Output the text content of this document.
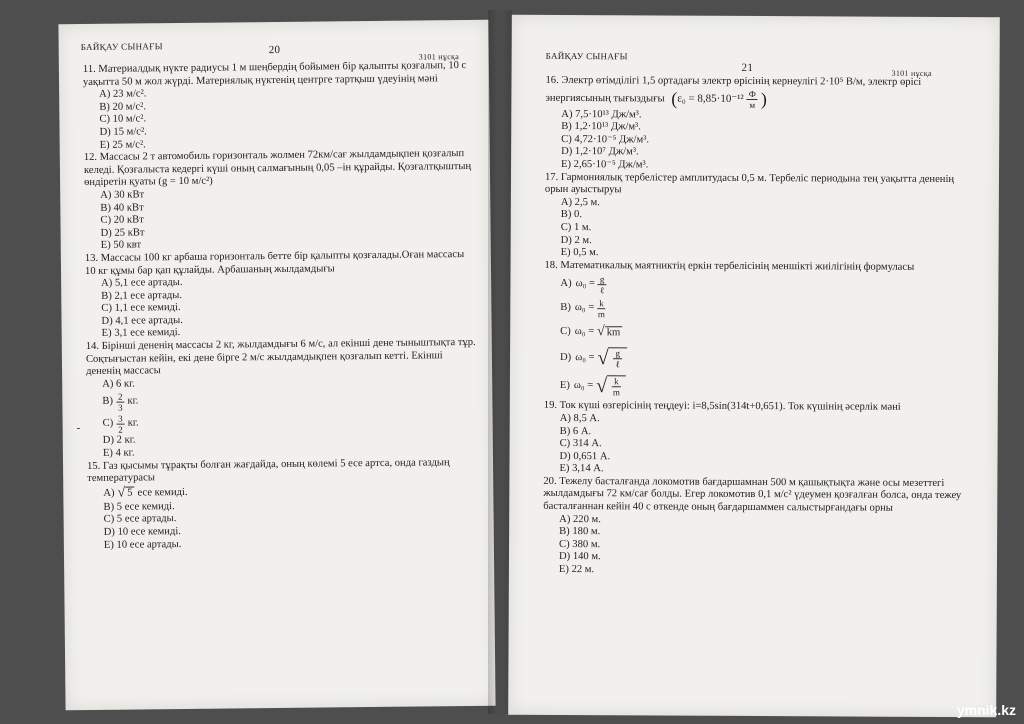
БАЙҚАУ СЫНАҒЫ	20
3101 нұсқа
-
11. Материалдық нүкте радиусы 1 м шеңбердің бойымен бір қалыпты қозғалып, 10 с уақытта 50 м жол жүрді. Материялық нүктенің центрге тартқыш үдеуінің мәні
А) 23 м/с².
В) 20 м/с².
С) 10 м/с².
D) 15 м/с².
Е) 25 м/с².
12. Массасы 2 т автомобиль горизонталь жолмен 72км/сағ жылдамдықпен қозғалып келеді. Қозғалыста кедергі күші оның салмағының 0,05 –ін құрайды. Қозғалтқыштың өндіретін қуаты (g = 10 м/с²)
А) 30 кВт
В) 40 кВт
С) 20 кВт
D) 25 кВт
Е) 50 квт
13. Массасы 100 кг арбаша горизонталь бетте бір қалыпты қозғалады.Оған массасы 10 кг құмы бар қап құлайды. Арбашаның жылдамдығы
А) 5,1 есе артады.
В) 2,1 есе артады.
С) 1,1 есе кемиді.
D) 4,1 есе артады.
Е) 3,1 есе кемиді.
14. Бірінші дененің массасы 2 кг, жылдамдығы 6 м/с, ал екінші дене тыныштықта тұр. Соқтығыстан кейін, екі дене бірге 2 м/с жылдамдықпен қозғалып кетті. Екінші дененің массасы
А) 6 кг.
$В) \frac{2}{3}$ кг.
$С) \frac{3}{2}$ кг.
D) 2 кг.
Е) 4 кг.
15. Газ қысымы тұрақты болған жағдайда, оның көлемі 5 есе артса, онда газдың температурасы
А) √ 5 есе кемиді.
В) 5 есе кемиді.
С) 5 есе артады.
D) 10 есе кемиді.
Е) 10 есе артады.
БАЙҚАУ СЫНАҒЫ
21	3101 нұсқа
16. Электр өтімділігі 1,5 ортадағы электр өрісінің кернеулігі 2·10⁵ В/м, электр өрісі энергиясының тығыздығы ( ε₀ = 8,85·10⁻¹² Ф
м )
А) 7,5·10¹³ Дж/м³.
В) 1,2·10¹³ Дж/м³.
С) 4,72·10⁻⁵ Дж/м³.
D) 1,2·10⁷ Дж/м³.
Е) 2,65·10⁻⁵ Дж/м³.
17. Гармониялық тербелістер амплитудасы 0,5 м. Тербеліс периодына тең уақытта дененің орын ауыстыруы
А) 2,5 м.
В) 0.
С) 1 м.
D) 2 м.
Е) 0,5 м.
18. Математикалық маятниктің еркін тербелісінің меншікті жиілігінің формуласы
А) ω₀ = g
ℓ
В) $\omega_0 = \frac{k}{m}$
С) ω₀ = √ km
D) ω₀ = √ g
ℓ
Е) ω₀ = √ $\frac{k}{m}$
19. Ток күші өзгерісінің теңдеуі: i=8,5sin(314t+0,651). Ток күшінің әсерлік мәні
А) 8,5 А.
В) 6 А.
С) 314 А.
D) 0,651 А.
Е) 3,14 А.
20. Тежелу басталғанда локомотив бағдаршамнан 500 м қашықтықта және осы мезеттегі жылдамдығы 72 км/сағ болды. Егер локомотив 0,1 м/с² үдеумен қозғалған болса, онда тежеу басталғаннан кейін 40 с өткенде оның бағдаршаммен салыстырғандағы орны
А) 220 м.
В) 180 м.
С) 380 м.
D) 140 м.
Е) 22 м.
ymnik.kz
